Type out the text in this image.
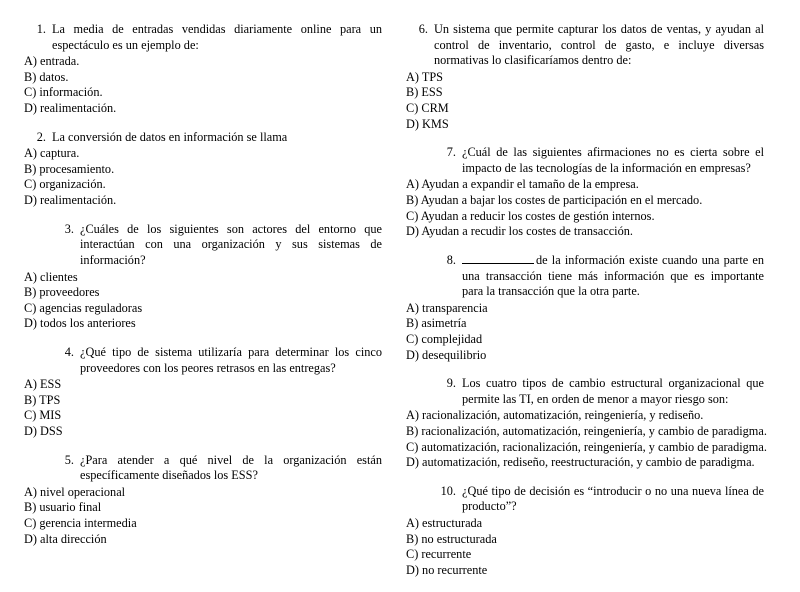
1. La media de entradas vendidas diariamente online para un espectáculo es un ejemplo de:
A) entrada.
B) datos.
C) información.
D) realimentación.
2. La conversión de datos en información se llama
A) captura.
B) procesamiento.
C) organización.
D) realimentación.
3. ¿Cuáles de los siguientes son actores del entorno que interactúan con una organización y sus sistemas de información?
A) clientes
B) proveedores
C) agencias reguladoras
D) todos los anteriores
4. ¿Qué tipo de sistema utilizaría para determinar los cinco proveedores con los peores retrasos en las entregas?
A) ESS
B) TPS
C) MIS
D) DSS
5. ¿Para atender a qué nivel de la organización están específicamente diseñados los ESS?
A) nivel operacional
B) usuario final
C) gerencia intermedia
D) alta dirección
6. Un sistema que permite capturar los datos de ventas, y ayudan al control de inventario, control de gasto, e incluye diversas normativas lo clasificaríamos dentro de:
A) TPS
B) ESS
C) CRM
D) KMS
7. ¿Cuál de las siguientes afirmaciones no es cierta sobre el impacto de las tecnologías de la información en empresas?
A) Ayudan a expandir el tamaño de la empresa.
B) Ayudan a bajar los costes de participación en el mercado.
C) Ayudan a reducir los costes de gestión internos.
D) Ayudan a recudir los costes de transacción.
8.	de la información existe cuando una parte en una transacción tiene más información que es importante para la transacción que la otra parte.
A) transparencia
B) asimetría
C) complejidad
D) desequilibrio
9. Los cuatro tipos de cambio estructural organizacional que permite las TI, en orden de menor a mayor riesgo son:
A) racionalización, automatización, reingeniería, y rediseño.
B) racionalización, automatización, reingeniería, y cambio de paradigma.
C) automatización, racionalización, reingeniería, y cambio de paradigma.
D) automatización, rediseño, reestructuración, y cambio de paradigma.
10. ¿Qué tipo de decisión es “introducir o no una nueva línea de producto”?
A) estructurada
B) no estructurada
C) recurrente
D) no recurrente
